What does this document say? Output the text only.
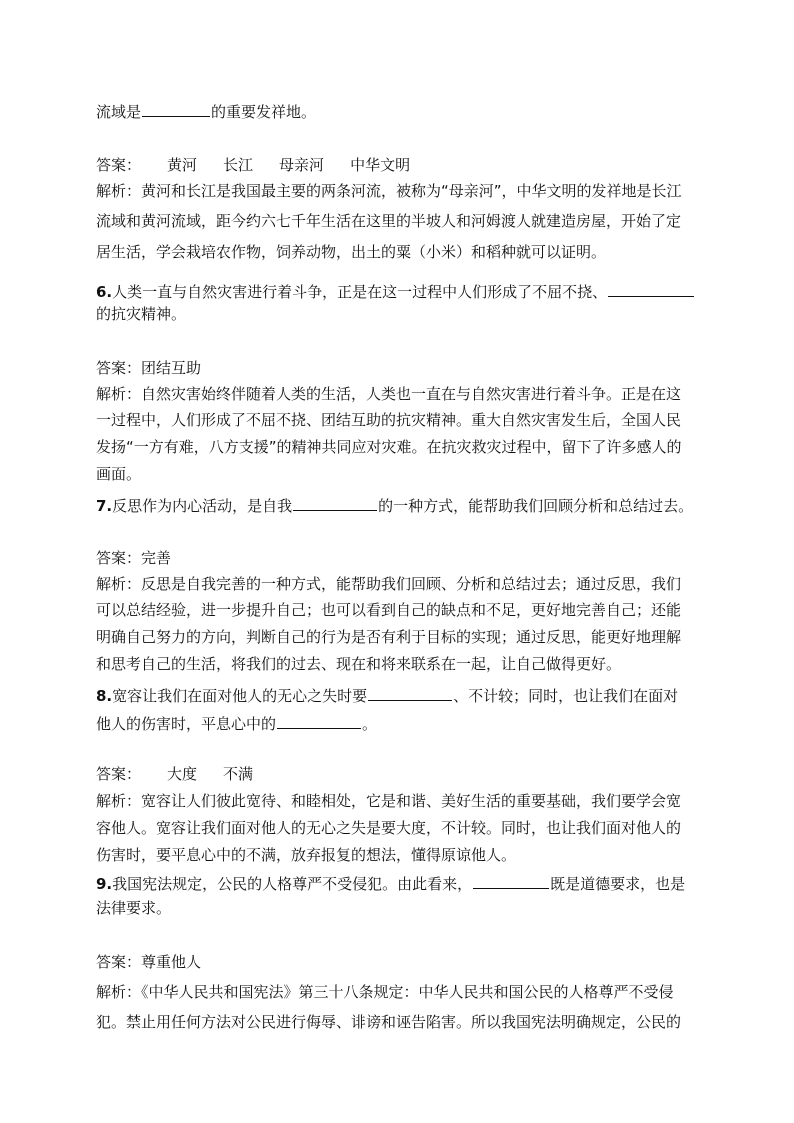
流域是	的重要发祥地。
答案： 黄河 长江 母亲河 中华文明
解析：黄河和长江是我国最主要的两条河流，被称为“母亲河”，中华文明的发祥地是长江
流域和黄河流域，距今约六七千年生活在这里的半坡人和河姆渡人就建造房屋，开始了定
居生活，学会栽培农作物，饲养动物，出土的粟（小米）和稻种就可以证明。
6.人类一直与自然灾害进行着斗争，正是在这一过程中人们形成了不屈不挠、
的抗灾精神。
答案：团结互助
解析：自然灾害始终伴随着人类的生活，人类也一直在与自然灾害进行着斗争。正是在这
一过程中，人们形成了不屈不挠、团结互助的抗灾精神。重大自然灾害发生后，全国人民
发扬“一方有难，八方支援”的精神共同应对灾难。在抗灾救灾过程中，留下了许多感人的
画面。
7.反思作为内心活动，是自我	的一种方式，能帮助我们回顾分析和总结过去。
答案：完善
解析：反思是自我完善的一种方式，能帮助我们回顾、分析和总结过去；通过反思，我们
可以总结经验，进一步提升自己；也可以看到自己的缺点和不足，更好地完善自己；还能
明确自己努力的方向，判断自己的行为是否有利于目标的实现；通过反思，能更好地理解
和思考自己的生活，将我们的过去、现在和将来联系在一起，让自己做得更好。
8.宽容让我们在面对他人的无心之失时要	、不计较；同时，也让我们在面对
他人的伤害时，平息心中的	。
答案： 大度 不满
解析：宽容让人们彼此宽待、和睦相处，它是和谐、美好生活的重要基础，我们要学会宽
容他人。宽容让我们面对他人的无心之失是要大度，不计较。同时，也让我们面对他人的
伤害时，要平息心中的不满，放弃报复的想法，懂得原谅他人。
9.我国宪法规定，公民的人格尊严不受侵犯。由此看来，	既是道德要求，也是
法律要求。
答案：尊重他人
解析：《中华人民共和国宪法》第三十八条规定：中华人民共和国公民的人格尊严不受侵
犯。禁止用任何方法对公民进行侮辱、诽谤和诬告陷害。所以我国宪法明确规定，公民的
